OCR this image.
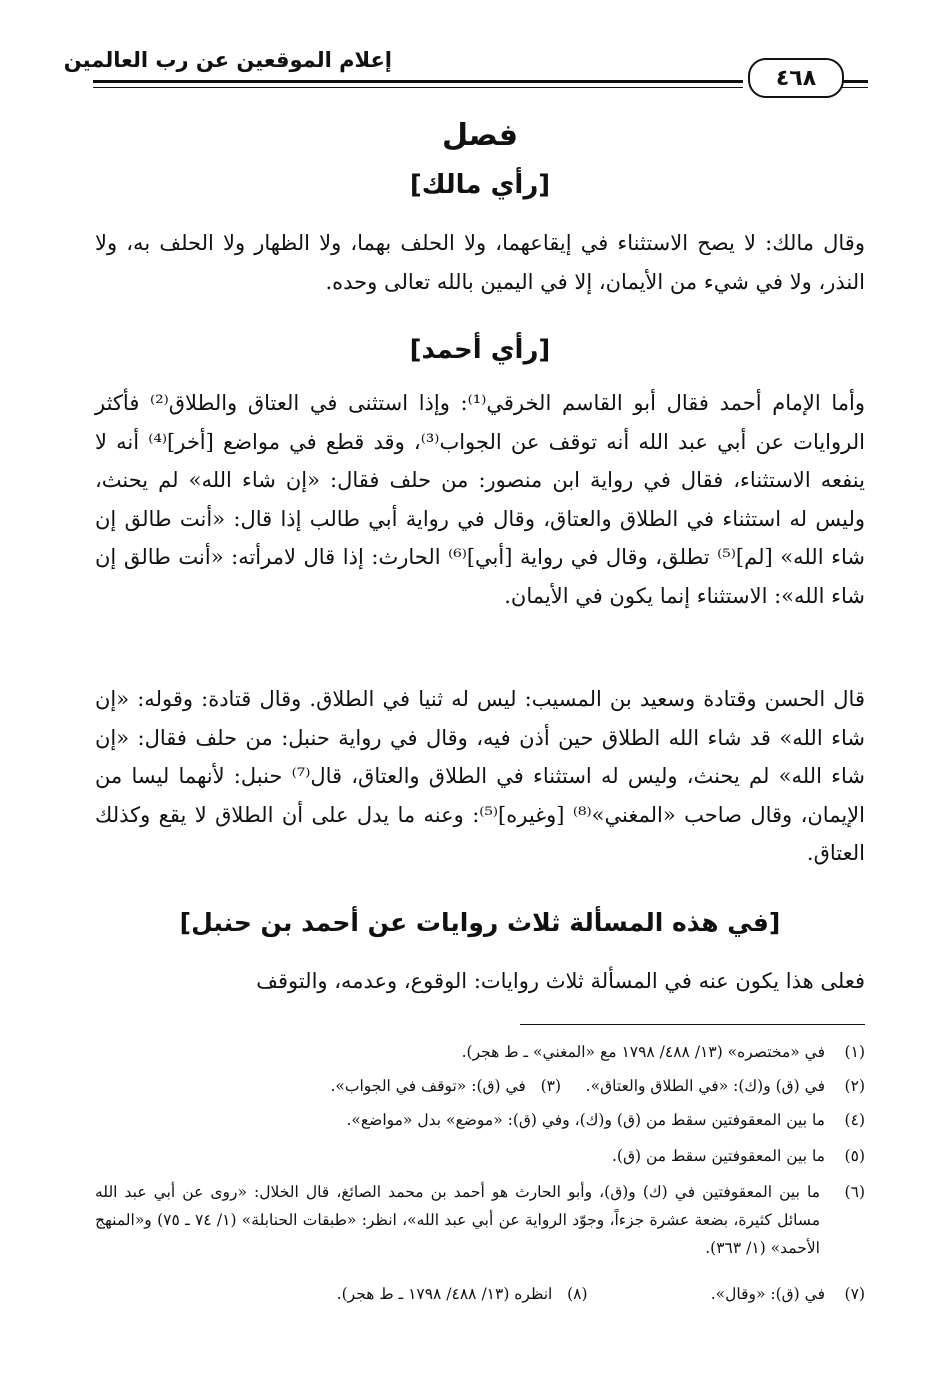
إعلام الموقعين عن رب العالمين
٤٦٨
فصل
[رأي مالك]
وقال مالك: لا يصح الاستثناء في إيقاعهما، ولا الحلف بهما، ولا الظهار ولا الحلف به، ولا النذر، ولا في شيء من الأيمان، إلا في اليمين بالله تعالى وحده.
[رأي أحمد]
وأما الإمام أحمد فقال أبو القاسم الخرقي⁽¹⁾: وإذا استثنى في العتاق والطلاق⁽²⁾ فأكثر الروايات عن أبي عبد الله أنه توقف عن الجواب⁽³⁾، وقد قطع في مواضع [أخر]⁽⁴⁾ أنه لا ينفعه الاستثناء، فقال في رواية ابن منصور: من حلف فقال: «إن شاء الله» لم يحنث، وليس له استثناء في الطلاق والعتاق، وقال في رواية أبي طالب إذا قال: «أنت طالق إن شاء الله» [لم]⁽⁵⁾ تطلق، وقال في رواية [أبي]⁽⁶⁾ الحارث: إذا قال لامرأته: «أنت طالق إن شاء الله»: الاستثناء إنما يكون في الأيمان.
قال الحسن وقتادة وسعيد بن المسيب: ليس له ثنيا في الطلاق. وقال قتادة: وقوله: «إن شاء الله» قد شاء الله الطلاق حين أذن فيه، وقال في رواية حنبل: من حلف فقال: «إن شاء الله» لم يحنث، وليس له استثناء في الطلاق والعتاق، قال⁽⁷⁾ حنبل: لأنهما ليسا من الإيمان، وقال صاحب «المغني»⁽⁸⁾ [وغيره]⁽⁵⁾: وعنه ما يدل على أن الطلاق لا يقع وكذلك العتاق.
[في هذه المسألة ثلاث روايات عن أحمد بن حنبل]
فعلى هذا يكون عنه في المسألة ثلاث روايات: الوقوع، وعدمه، والتوقف
(١)في «مختصره» (١٣/ ٤٨٨/ ١٧٩٨ مع «المغني» ـ ط هجر).
(٢)في (ق) و(ك): «في الطلاق والعتاق».     (٣)   في (ق): «توقف في الجواب».
(٤)ما بين المعقوفتين سقط من (ق) و(ك)، وفي (ق): «موضع» بدل «مواضع».
(٥)ما بين المعقوفتين سقط من (ق).
(٦)
ما بين المعقوفتين في (ك) و(ق)، وأبو الحارث هو أحمد بن محمد الصائغ، قال الخلال: «روى عن أبي عبد الله مسائل كثيرة، بضعة عشرة جزءاً، وجوّد الرواية عن أبي عبد الله»، انظر: «طبقات الحنابلة» (١/ ٧٤ ـ ٧٥) و«المنهج الأحمد» (١/ ٣٦٣).
(٧)في (ق): «وقال».                         (٨)   انظره (١٣/ ٤٨٨/ ١٧٩٨ ـ ط هجر).
